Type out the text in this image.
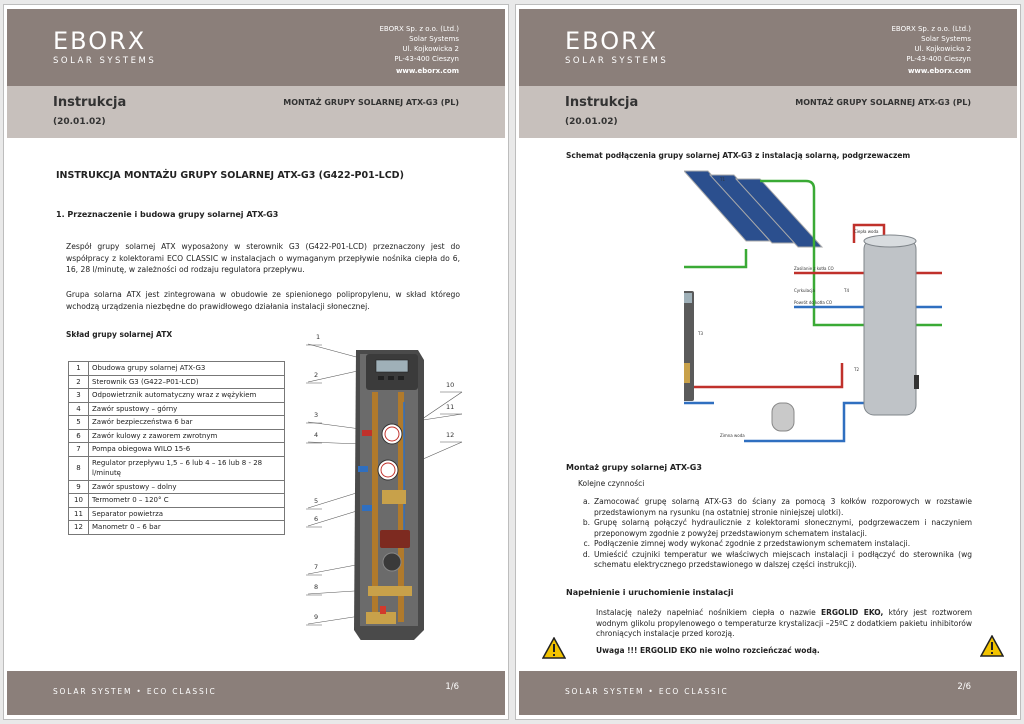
EBORX
SOLAR SYSTEMS
EBORX Sp. z o.o. (Ltd.)
Solar Systems
Ul. Kojkowicka 2
PL-43-400 Cieszyn
www.eborx.com
Instrukcja
(20.01.02)
MONTAŻ GRUPY SOLARNEJ ATX-G3 (PL)
INSTRUKCJA MONTAŻU GRUPY SOLARNEJ ATX-G3 (G422-P01-LCD)
1. Przeznaczenie i budowa grupy solarnej ATX-G3
Zespół grupy solarnej ATX wyposażony w sterownik G3 (G422-P01-LCD) przeznaczony jest do współpracy z kolektorami ECO CLASSIC w instalacjach o wymaganym przepływie nośnika ciepła do 6, 16, 28 l/minutę, w zależności od rodzaju regulatora przepływu.
Grupa solarna ATX jest zintegrowana w obudowie ze spienionego polipropylenu, w skład którego wchodzą urządzenia niezbędne do prawidłowego działania instalacji słonecznej.
Skład grupy solarnej ATX
1	Obudowa grupy solarnej ATX-G3
2	Sterownik G3 (G422–P01-LCD)
3	Odpowietrznik automatyczny wraz z wężykiem
4	Zawór spustowy – górny
5	Zawór bezpieczeństwa 6 bar
6	Zawór kulowy z zaworem zwrotnym
7	Pompa obiegowa WILO 15-6
8	Regulator przepływu 1,5 – 6 lub 4 – 16 lub 8 - 28 l/minutę
9	Zawór spustowy – dolny
10	Termometr 0 – 120° C
11	Separator powietrza
12	Manometr 0 – 6 bar
1
2
3
4
5
6
7
8
9
10
11
12
SOLAR SYSTEM • ECO CLASSIC	1/6
EBORX
SOLAR SYSTEMS
EBORX Sp. z o.o. (Ltd.)
Solar Systems
Ul. Kojkowicka 2
PL-43-400 Cieszyn
www.eborx.com
Instrukcja
(20.01.02)
MONTAŻ GRUPY SOLARNEJ ATX-G3 (PL)
Schemat podłączenia grupy solarnej ATX-G3 z instalacją solarną, podgrzewaczem
T1
Ciepła woda
Zasilanie z kotła CO
Cyrkulacja	T4
Powrót do kotła CO
T2
T3
Zimna woda
Montaż grupy solarnej ATX-G3
Kolejne czynności
a. Zamocować grupę solarną ATX-G3 do ściany za pomocą 3 kołków rozporowych w rozstawie przedstawionym na rysunku (na ostatniej stronie niniejszej ulotki).
b. Grupę solarną połączyć hydraulicznie z kolektorami słonecznymi, podgrzewaczem i naczyniem przeponowym zgodnie z powyżej przedstawionym schematem instalacji.
c. Podłączenie zimnej wody wykonać zgodnie z przedstawionym schematem instalacji.
d. Umieścić czujniki temperatur we właściwych miejscach instalacji i podłączyć do sterownika (wg schematu elektrycznego przedstawionego w dalszej części instrukcji).
Napełnienie i uruchomienie instalacji
Instalację należy napełniać nośnikiem ciepła o nazwie ERGOLID EKO, który jest roztworem wodnym glikolu propylenowego o temperaturze krystalizacji –25ºC z dodatkiem pakietu inhibitorów chroniących instalacje przed korozją.
Uwaga !!! ERGOLID EKO nie wolno rozcieńczać wodą.
SOLAR SYSTEM • ECO CLASSIC	2/6
